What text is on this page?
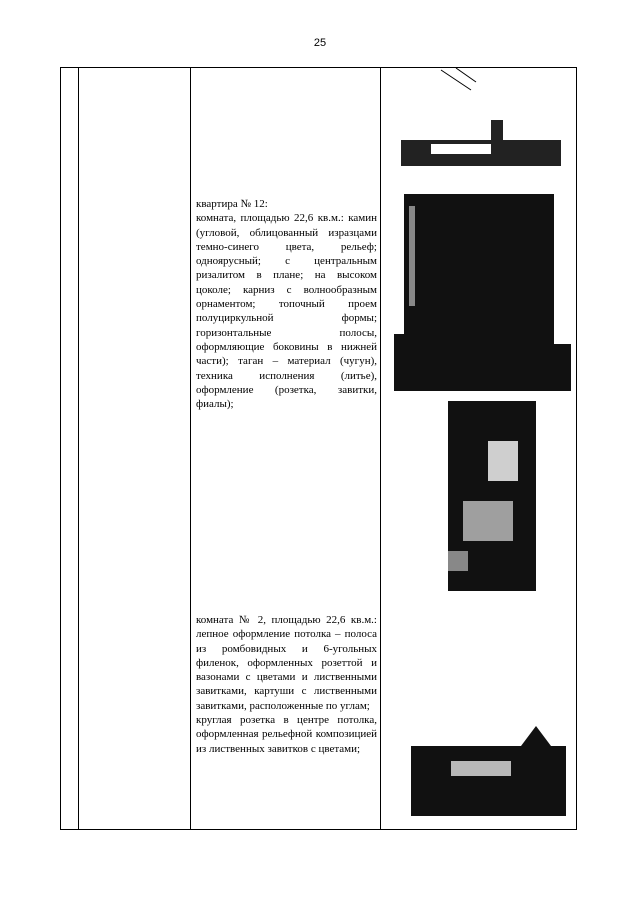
25

квартира № 12:

комната, площадью 22,6 кв.м.: камин (угловой, облицованный изразцами темно-синего цвета, рельеф; одноярусный; с центральным ризалитом в плане; на высоком цоколе; карниз с волнообразным орнаментом; топочный проем полуциркульной формы; горизонтальные полосы, оформляющие боковины в нижней части); таган – материал (чугун), техника исполнения (литье), оформление (розетка, завитки, фиалы);

комната № 2, площадью 22,6 кв.м.: лепное оформление потолка – полоса из ромбовидных и 6-угольных филенок, оформленных розеттой и вазонами с цветами и лиственными завитками, картуши с лиственными завитками, расположенные по углам;

круглая розетка в центре потолка, оформленная рельефной композицией из лиственных завитков с цветами;
